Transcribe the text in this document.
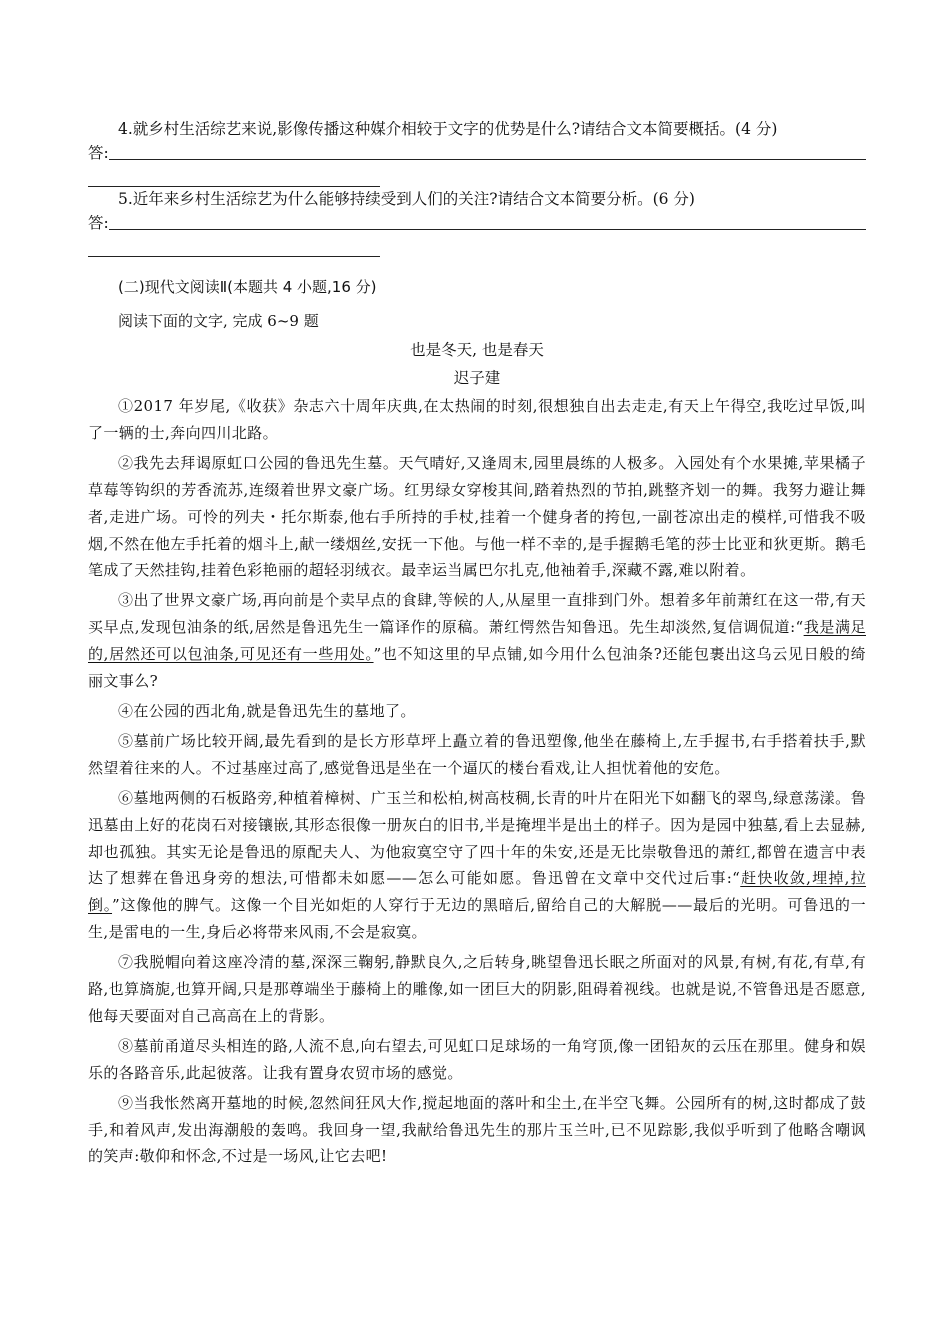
4.就乡村生活综艺来说,影像传播这种媒介相较于文字的优势是什么?请结合文本简要概括。(4 分)
答:
5.近年来乡村生活综艺为什么能够持续受到人们的关注?请结合文本简要分析。(6 分)
答:
(二)现代文阅读Ⅱ(本题共 4 小题,16 分)
阅读下面的文字, 完成 6~9 题
也是冬天, 也是春天
迟子建

①2017 年岁尾,《收获》杂志六十周年庆典,在太热闹的时刻,很想独自出去走走,有天上午得空,我吃过早饭,叫了一辆的士,奔向四川北路。

②我先去拜谒原虹口公园的鲁迅先生墓。天气晴好,又逢周末,园里晨练的人极多。入园处有个水果摊,苹果橘子草莓等钩织的芳香流苏,连缀着世界文豪广场。红男绿女穿梭其间,踏着热烈的节拍,跳整齐划一的舞。我努力避让舞者,走进广场。可怜的列夫・托尔斯泰,他右手所持的手杖,挂着一个健身者的挎包,一副苍凉出走的模样,可惜我不吸烟,不然在他左手托着的烟斗上,献一缕烟丝,安抚一下他。与他一样不幸的,是手握鹅毛笔的莎士比亚和狄更斯。鹅毛笔成了天然挂钩,挂着色彩艳丽的超轻羽绒衣。最幸运当属巴尔扎克,他袖着手,深藏不露,难以附着。

③出了世界文豪广场,再向前是个卖早点的食肆,等候的人,从屋里一直排到门外。想着多年前萧红在这一带,有天买早点,发现包油条的纸,居然是鲁迅先生一篇译作的原稿。萧红愕然告知鲁迅。先生却淡然,复信调侃道:“我是满足的,居然还可以包油条,可见还有一些用处。”也不知这里的早点铺,如今用什么包油条?还能包裹出这乌云见日般的绮丽文事么?

④在公园的西北角,就是鲁迅先生的墓地了。

⑤墓前广场比较开阔,最先看到的是长方形草坪上矗立着的鲁迅塑像,他坐在藤椅上,左手握书,右手搭着扶手,默然望着往来的人。不过基座过高了,感觉鲁迅是坐在一个逼仄的楼台看戏,让人担忧着他的安危。

⑥墓地两侧的石板路旁,种植着樟树、广玉兰和松柏,树高枝稠,长青的叶片在阳光下如翻飞的翠鸟,绿意荡漾。鲁迅墓由上好的花岗石对接镶嵌,其形态很像一册灰白的旧书,半是掩埋半是出土的样子。因为是园中独墓,看上去显赫,却也孤独。其实无论是鲁迅的原配夫人、为他寂寞空守了四十年的朱安,还是无比崇敬鲁迅的萧红,都曾在遗言中表达了想葬在鲁迅身旁的想法,可惜都未如愿——怎么可能如愿。鲁迅曾在文章中交代过后事:“赶快收敛,埋掉,拉倒。”这像他的脾气。这像一个目光如炬的人穿行于无边的黑暗后,留给自己的大解脱——最后的光明。可鲁迅的一生,是雷电的一生,身后必将带来风雨,不会是寂寞。

⑦我脱帽向着这座冷清的墓,深深三鞠躬,静默良久,之后转身,眺望鲁迅长眠之所面对的风景,有树,有花,有草,有路,也算旖旎,也算开阔,只是那尊端坐于藤椅上的雕像,如一团巨大的阴影,阻碍着视线。也就是说,不管鲁迅是否愿意,他每天要面对自己高高在上的背影。

⑧墓前甬道尽头相连的路,人流不息,向右望去,可见虹口足球场的一角穹顶,像一团铅灰的云压在那里。健身和娱乐的各路音乐,此起彼落。让我有置身农贸市场的感觉。

⑨当我怅然离开墓地的时候,忽然间狂风大作,搅起地面的落叶和尘土,在半空飞舞。公园所有的树,这时都成了鼓手,和着风声,发出海潮般的轰鸣。我回身一望,我献给鲁迅先生的那片玉兰叶,已不见踪影,我似乎听到了他略含嘲讽的笑声:敬仰和怀念,不过是一场风,让它去吧!
